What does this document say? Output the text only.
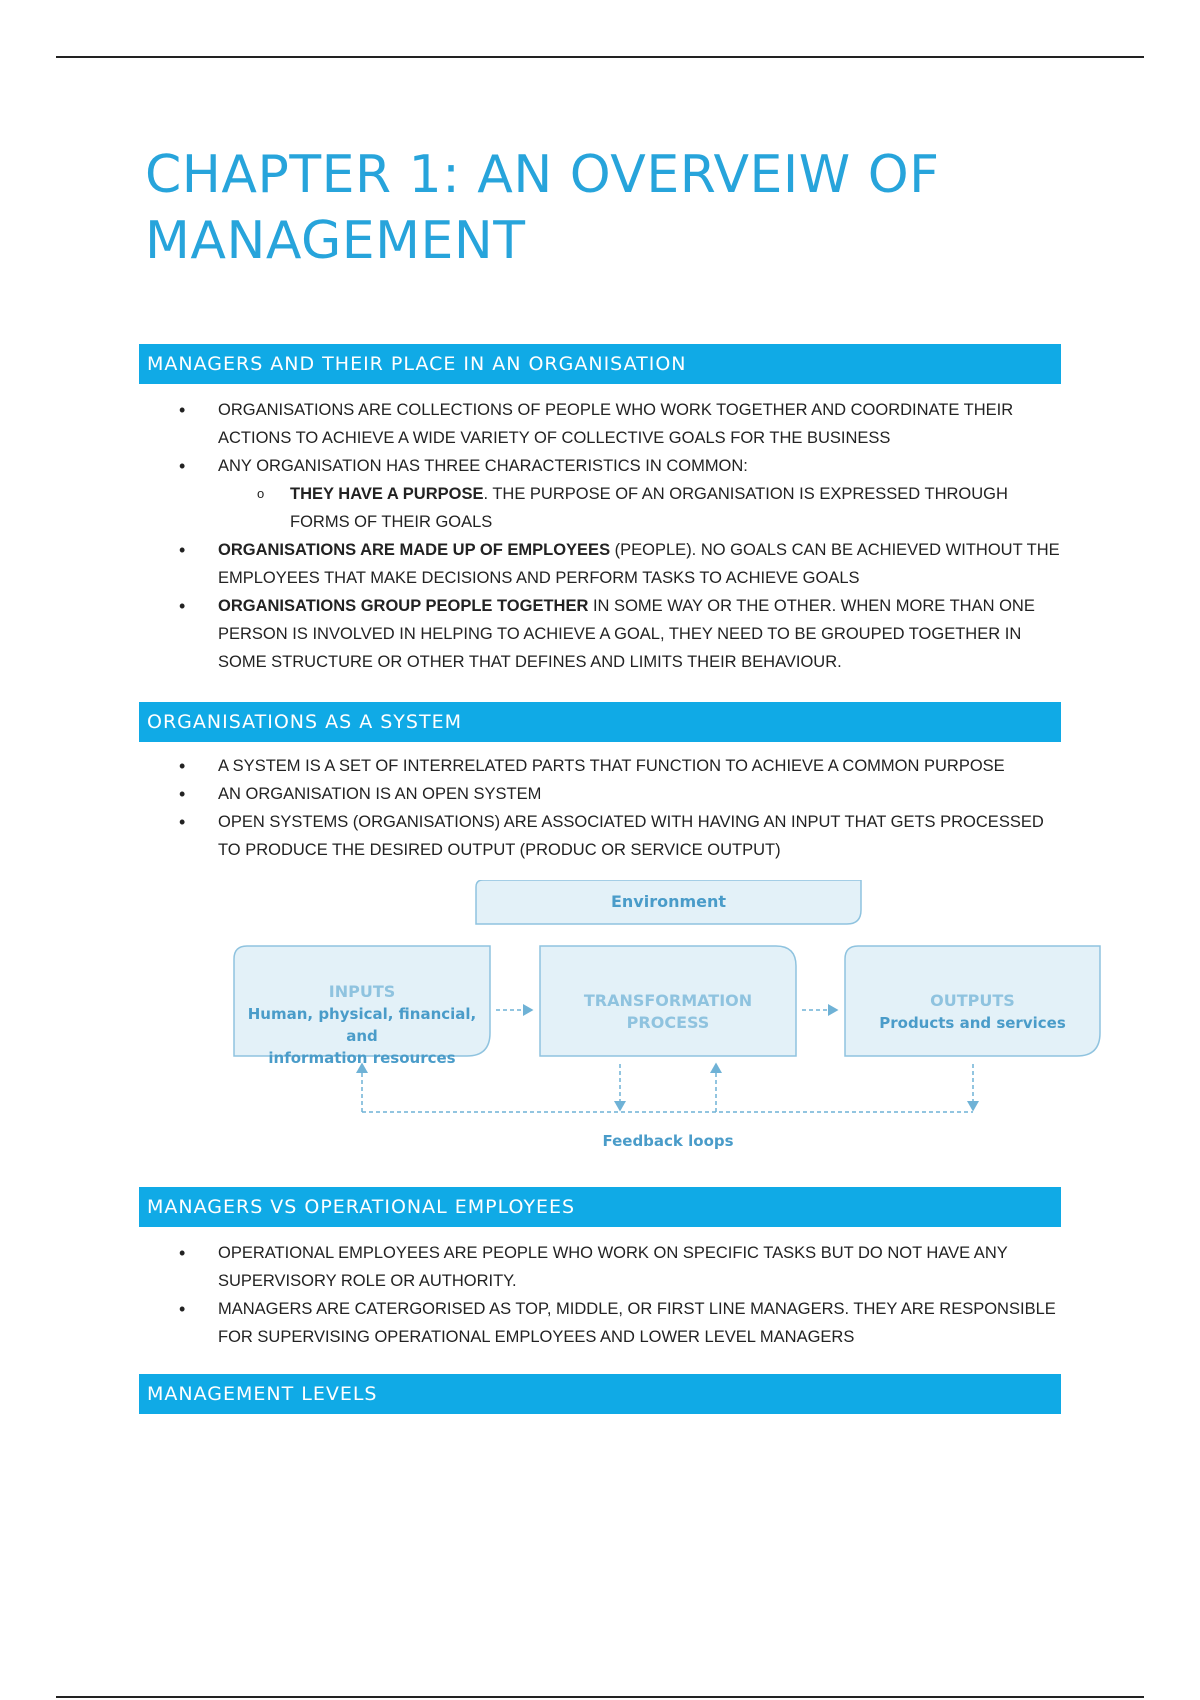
CHAPTER 1: AN OVERVEIW OF
MANAGEMENT
MANAGERS AND THEIR PLACE IN AN ORGANISATION
• ORGANISATIONS ARE COLLECTIONS OF PEOPLE WHO WORK TOGETHER AND COORDINATE THEIR ACTIONS TO ACHIEVE A WIDE VARIETY OF COLLECTIVE GOALS FOR THE BUSINESS
• ANY ORGANISATION HAS THREE CHARACTERISTICS IN COMMON:
o THEY HAVE A PURPOSE. THE PURPOSE OF AN ORGANISATION IS EXPRESSED THROUGH FORMS OF THEIR GOALS
• ORGANISATIONS ARE MADE UP OF EMPLOYEES (PEOPLE). NO GOALS CAN BE ACHIEVED WITHOUT THE EMPLOYEES THAT MAKE DECISIONS AND PERFORM TASKS TO ACHIEVE GOALS
• ORGANISATIONS GROUP PEOPLE TOGETHER IN SOME WAY OR THE OTHER. WHEN MORE THAN ONE PERSON IS INVOLVED IN HELPING TO ACHIEVE A GOAL, THEY NEED TO BE GROUPED TOGETHER IN SOME STRUCTURE OR OTHER THAT DEFINES AND LIMITS THEIR BEHAVIOUR.
ORGANISATIONS AS A SYSTEM
• A SYSTEM IS A SET OF INTERRELATED PARTS THAT FUNCTION TO ACHIEVE A COMMON PURPOSE
• AN ORGANISATION IS AN OPEN SYSTEM
• OPEN SYSTEMS (ORGANISATIONS) ARE ASSOCIATED WITH HAVING AN INPUT THAT GETS PROCESSED TO PRODUCE THE DESIRED OUTPUT (PRODUC OR SERVICE OUTPUT)
Environment
INPUTS
Human, physical, financial, and
information resources
TRANSFORMATION
PROCESS
OUTPUTS
Products and services
Feedback loops
MANAGERS VS OPERATIONAL EMPLOYEES
• OPERATIONAL EMPLOYEES ARE PEOPLE WHO WORK ON SPECIFIC TASKS BUT DO NOT HAVE ANY SUPERVISORY ROLE OR AUTHORITY.
• MANAGERS ARE CATERGORISED AS TOP, MIDDLE, OR FIRST LINE MANAGERS. THEY ARE RESPONSIBLE FOR SUPERVISING OPERATIONAL EMPLOYEES AND LOWER LEVEL MANAGERS
MANAGEMENT LEVELS
